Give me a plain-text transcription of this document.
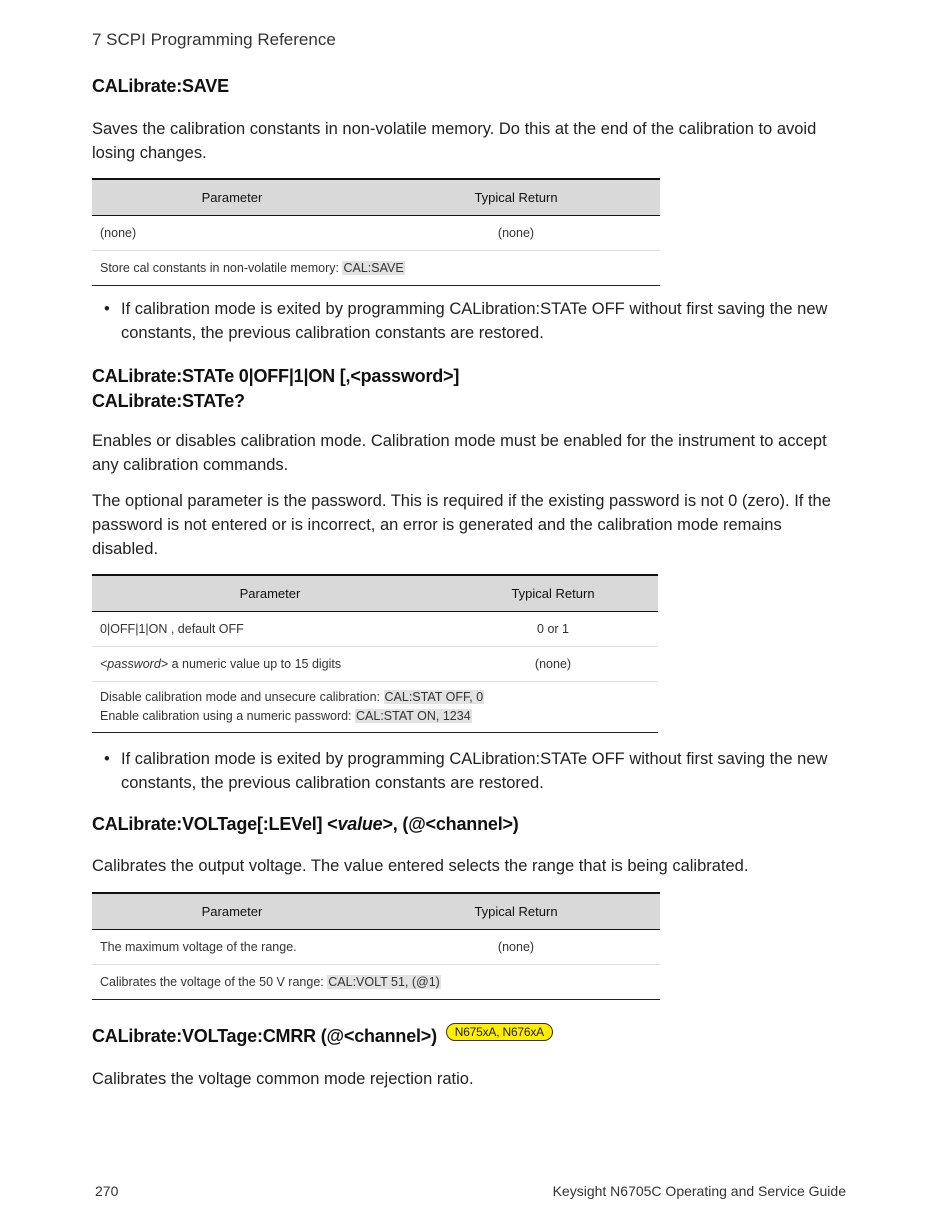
7 SCPI Programming Reference
CALibrate:SAVE

Saves the calibration constants in non-volatile memory. Do this at the end of the calibration to avoid losing changes.

Parameter	Typical Return
(none)	(none)
Store cal constants in non-volatile memory: CAL:SAVE	
• If calibration mode is exited by programming CALibration:STATe OFF without first saving the new constants, the previous calibration constants are restored.
CALibrate:STATe 0|OFF|1|ON [,<password>]
CALibrate:STATe?

Enables or disables calibration mode. Calibration mode must be enabled for the instrument to accept any calibration commands.

The optional parameter is the password. This is required if the existing password is not 0 (zero). If the password is not entered or is incorrect, an error is generated and the calibration mode remains disabled.

Parameter	Typical Return
0|OFF|1|ON , default OFF	0 or 1
<password> a numeric value up to 15 digits	(none)
Disable calibration mode and unsecure calibration: CAL:STAT OFF, 0
Enable calibration using a numeric password: CAL:STAT ON, 1234	
• If calibration mode is exited by programming CALibration:STATe OFF without first saving the new constants, the previous calibration constants are restored.
CALibrate:VOLTage[:LEVel] <value>, (@<channel>)

Calibrates the output voltage. The value entered selects the range that is being calibrated.

Parameter	Typical Return
The maximum voltage of the range.	(none)
Calibrates the voltage of the 50 V range: CAL:VOLT 51, (@1)	
CALibrate:VOLTage:CMRR (@<channel>) N675xA, N676xA

Calibrates the voltage common mode rejection ratio.

270	Keysight N6705C Operating and Service Guide
